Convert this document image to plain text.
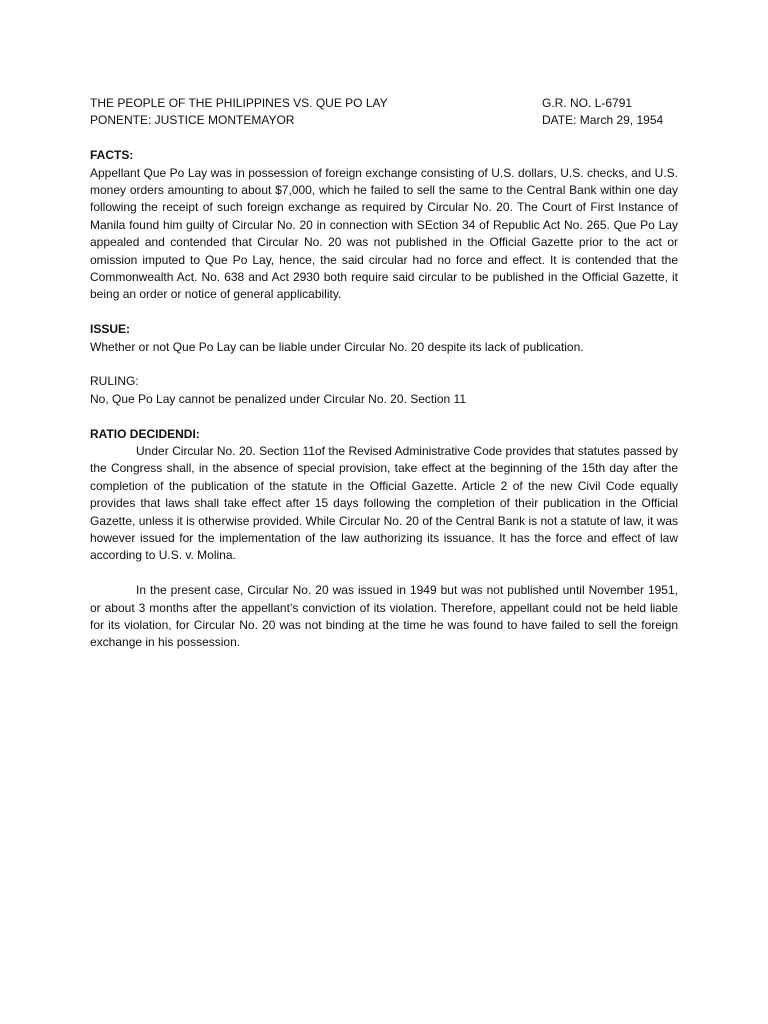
THE PEOPLE OF THE PHILIPPINES VS. QUE PO LAY	G.R. NO. L-6791
PONENTE: JUSTICE MONTEMAYOR	DATE: March 29, 1954
FACTS:

Appellant Que Po Lay was in possession of foreign exchange consisting of U.S. dollars, U.S. checks, and U.S. money orders amounting to about $7,000, which he failed to sell the same to the Central Bank within one day following the receipt of such foreign exchange as required by Circular No. 20. The Court of First Instance of Manila found him guilty of Circular No. 20 in connection with SEction 34 of Republic Act No. 265. Que Po Lay appealed and contended that Circular No. 20 was not published in the Official Gazette prior to the act or omission imputed to Que Po Lay, hence, the said circular had no force and effect. It is contended that the Commonwealth Act. No. 638 and Act 2930 both require said circular to be published in the Official Gazette, it being an order or notice of general applicability.

ISSUE:

Whether or not Que Po Lay can be liable under Circular No. 20 despite its lack of publication.

RULING:

No, Que Po Lay cannot be penalized under Circular No. 20. Section 11

RATIO DECIDENDI:

Under Circular No. 20. Section 11of the Revised Administrative Code provides that statutes passed by the Congress shall, in the absence of special provision, take effect at the beginning of the 15th day after the completion of the publication of the statute in the Official Gazette. Article 2 of the new Civil Code equally provides that laws shall take effect after 15 days following the completion of their publication in the Official Gazette, unless it is otherwise provided. While Circular No. 20 of the Central Bank is not a statute of law, it was however issued for the implementation of the law authorizing its issuance. It has the force and effect of law according to U.S. v. Molina.

In the present case, Circular No. 20 was issued in 1949 but was not published until November 1951, or about 3 months after the appellant’s conviction of its violation. Therefore, appellant could not be held liable for its violation, for Circular No. 20 was not binding at the time he was found to have failed to sell the foreign exchange in his possession.
